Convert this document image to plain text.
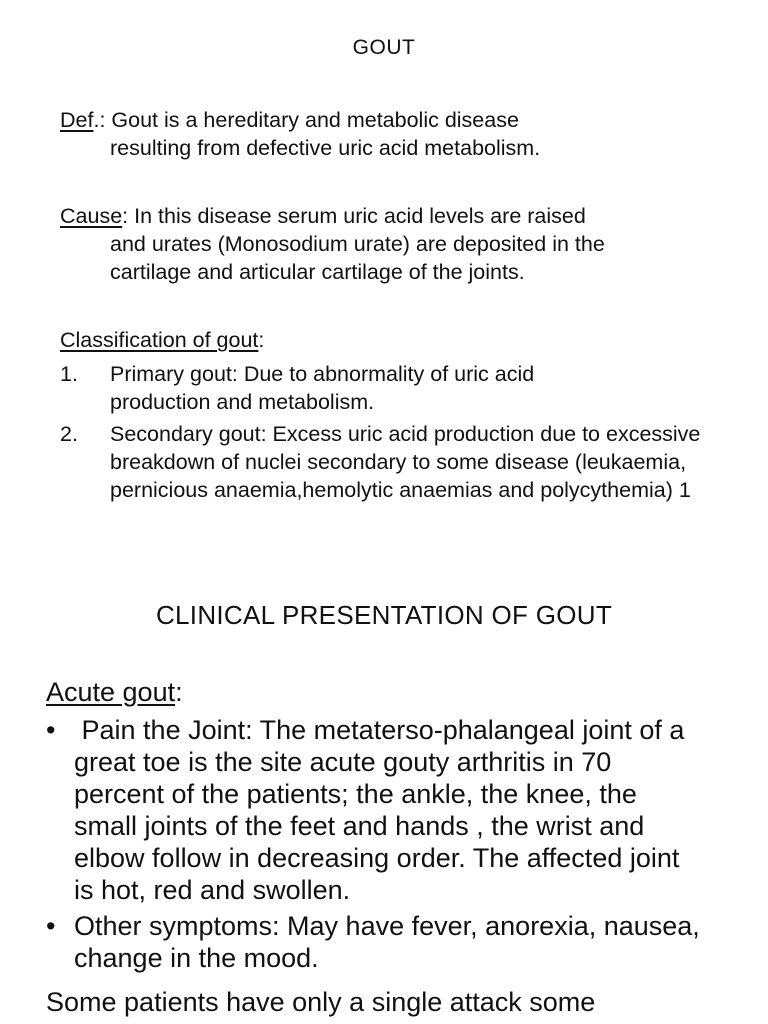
GOUT
Def.: Gout is a hereditary and metabolic disease
resulting from defective uric acid metabolism.
Cause: In this disease serum uric acid levels are raised
and urates (Monosodium urate) are deposited in the cartilage and articular cartilage of the joints.
Classification of gout:
1. Primary gout: Due to abnormality of uric acid production and metabolism.
2. Secondary gout: Excess uric acid production due to excessive breakdown of nuclei secondary to some disease (leukaemia, pernicious anaemia,hemolytic anaemias and polycythemia) 1
CLINICAL PRESENTATION OF GOUT
Acute gout:
• Pain the Joint: The metaterso-phalangeal joint of a great toe is the site acute gouty arthritis in 70 percent of the patients; the ankle, the knee, the small joints of the feet and hands , the wrist and elbow follow in decreasing order. The affected joint is hot, red and swollen.
• Other symptoms: May have fever, anorexia, nausea, change in the mood.
Some patients have only a single attack some
